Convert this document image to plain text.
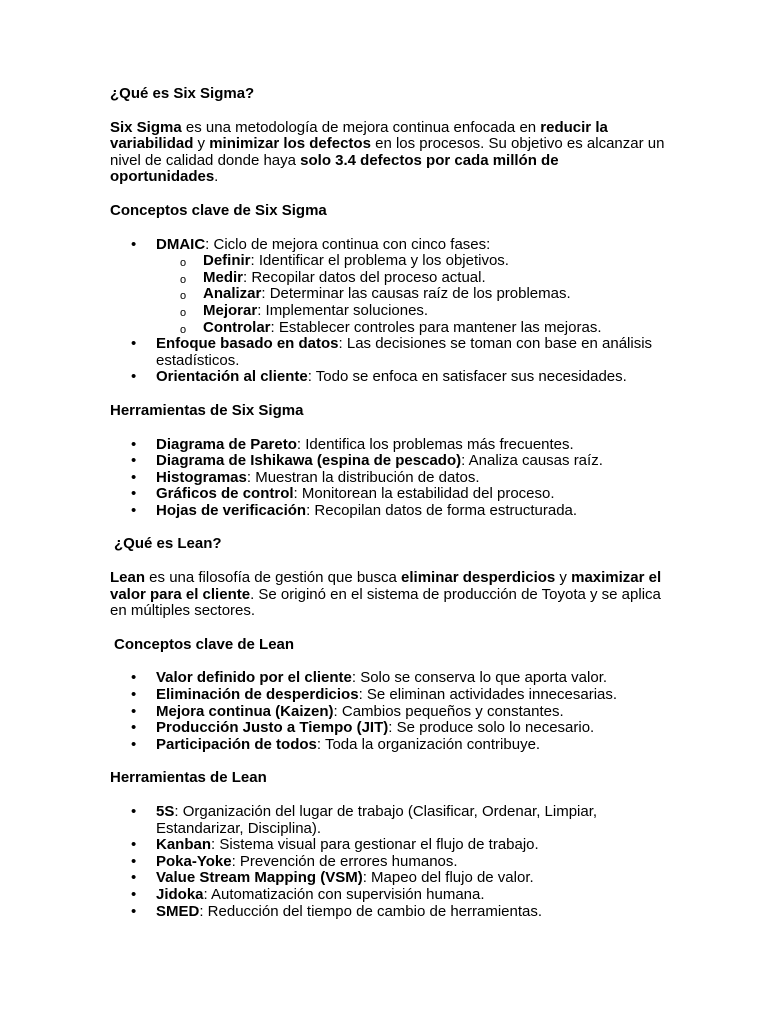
¿Qué es Six Sigma?

Six Sigma es una metodología de mejora continua enfocada en reducir la variabilidad y minimizar los defectos en los procesos. Su objetivo es alcanzar un nivel de calidad donde haya solo 3.4 defectos por cada millón de oportunidades.

Conceptos clave de Six Sigma
• DMAIC: Ciclo de mejora continua con cinco fases:
o Definir: Identificar el problema y los objetivos.
o Medir: Recopilar datos del proceso actual.
o Analizar: Determinar las causas raíz de los problemas.
o Mejorar: Implementar soluciones.
o Controlar: Establecer controles para mantener las mejoras.
• Enfoque basado en datos: Las decisiones se toman con base en análisis estadísticos.
• Orientación al cliente: Todo se enfoca en satisfacer sus necesidades.
Herramientas de Six Sigma
• Diagrama de Pareto: Identifica los problemas más frecuentes.
• Diagrama de Ishikawa (espina de pescado): Analiza causas raíz.
• Histogramas: Muestran la distribución de datos.
• Gráficos de control: Monitorean la estabilidad del proceso.
• Hojas de verificación: Recopilan datos de forma estructurada.
¿Qué es Lean?

Lean es una filosofía de gestión que busca eliminar desperdicios y maximizar el valor para el cliente. Se originó en el sistema de producción de Toyota y se aplica en múltiples sectores.

Conceptos clave de Lean
• Valor definido por el cliente: Solo se conserva lo que aporta valor.
• Eliminación de desperdicios: Se eliminan actividades innecesarias.
• Mejora continua (Kaizen): Cambios pequeños y constantes.
• Producción Justo a Tiempo (JIT): Se produce solo lo necesario.
• Participación de todos: Toda la organización contribuye.
Herramientas de Lean
• 5S: Organización del lugar de trabajo (Clasificar, Ordenar, Limpiar, Estandarizar, Disciplina).
• Kanban: Sistema visual para gestionar el flujo de trabajo.
• Poka-Yoke: Prevención de errores humanos.
• Value Stream Mapping (VSM): Mapeo del flujo de valor.
• Jidoka: Automatización con supervisión humana.
• SMED: Reducción del tiempo de cambio de herramientas.
